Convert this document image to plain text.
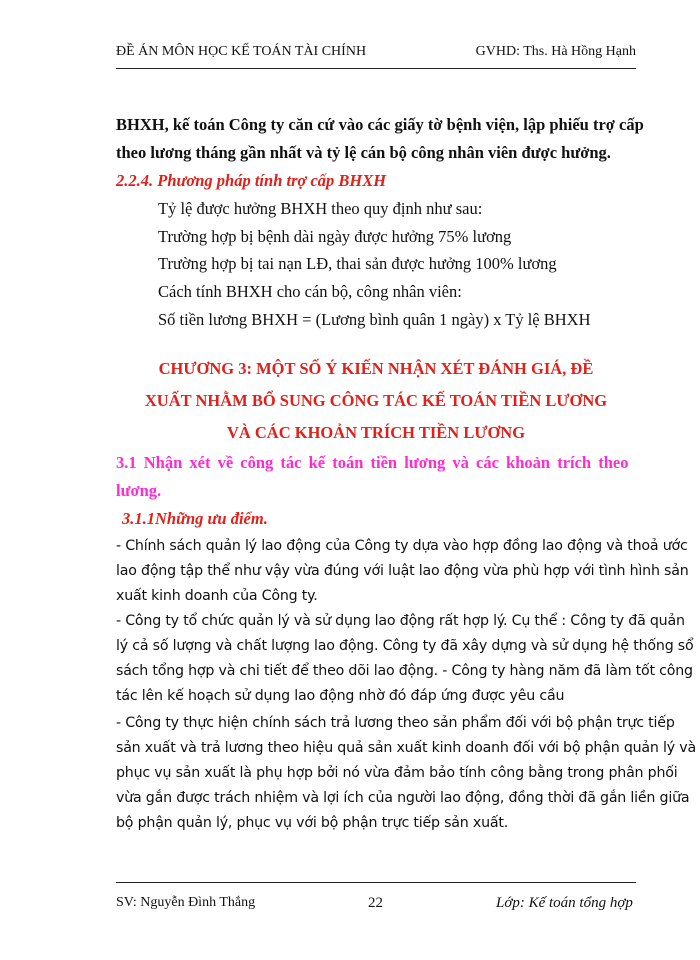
ĐỀ ÁN MÔN HỌC KẾ TOÁN TÀI CHÍNH	GVHD: Ths. Hà Hồng Hạnh
BHXH, kế toán Công ty căn cứ vào các giấy tờ bệnh viện, lập phiếu trợ cấp
theo lương tháng gần nhất và tỷ lệ cán bộ công nhân viên được hưởng.
2.2.4. Phương pháp tính trợ cấp BHXH
Tỷ lệ được hưởng BHXH theo quy định như sau:
Trường hợp bị bệnh dài ngày được hưởng 75% lương
Trường hợp bị tai nạn LĐ, thai sản được hưởng 100% lương
Cách tính BHXH cho cán bộ, công nhân viên:
Số tiền lương BHXH = (Lương bình quân 1 ngày) x Tỷ lệ BHXH
CHƯƠNG 3: MỘT SỐ Ý KIẾN NHẬN XÉT ĐÁNH GIÁ, ĐỀ
XUẤT NHẰM BỔ SUNG CÔNG TÁC KẾ TOÁN TIỀN LƯƠNG
VÀ CÁC KHOẢN TRÍCH TIỀN LƯƠNG
3.1 Nhận xét về công tác kế toán tiền lương và các khoản trích theo
lương.
3.1.1Những ưu điểm.
- Chính sách quản lý lao động của Công ty dựa vào hợp đồng lao động và thoả ước
lao động tập thể như vậy vừa đúng với luật lao động vừa phù hợp với tình hình sản
xuất kinh doanh của Công ty.
- Công ty tổ chức quản lý và sử dụng lao động rất hợp lý. Cụ thể : Công ty đã quản
lý cả số lượng và chất lượng lao động. Công ty đã xây dựng và sử dụng hệ thống sổ
sách tổng hợp và chi tiết để theo dõi lao động. - Công ty hàng năm đã làm tốt công
tác lên kế hoạch sử dụng lao động nhờ đó đáp ứng được yêu cầu
- Công ty thực hiện chính sách trả lương theo sản phẩm đối với bộ phận trực tiếp
sản xuất và trả lương theo hiệu quả sản xuất kinh doanh đối với bộ phận quản lý và
phục vụ sản xuất là phụ hợp bởi nó vừa đảm bảo tính công bằng trong phân phối
vừa gắn được trách nhiệm và lợi ích của người lao động, đồng thời đã gắn liền giữa
bộ phận quản lý, phục vụ với bộ phận trực tiếp sản xuất.
SV: Nguyễn Đình Thắng	22	Lớp: Kế toán tổng hợp
